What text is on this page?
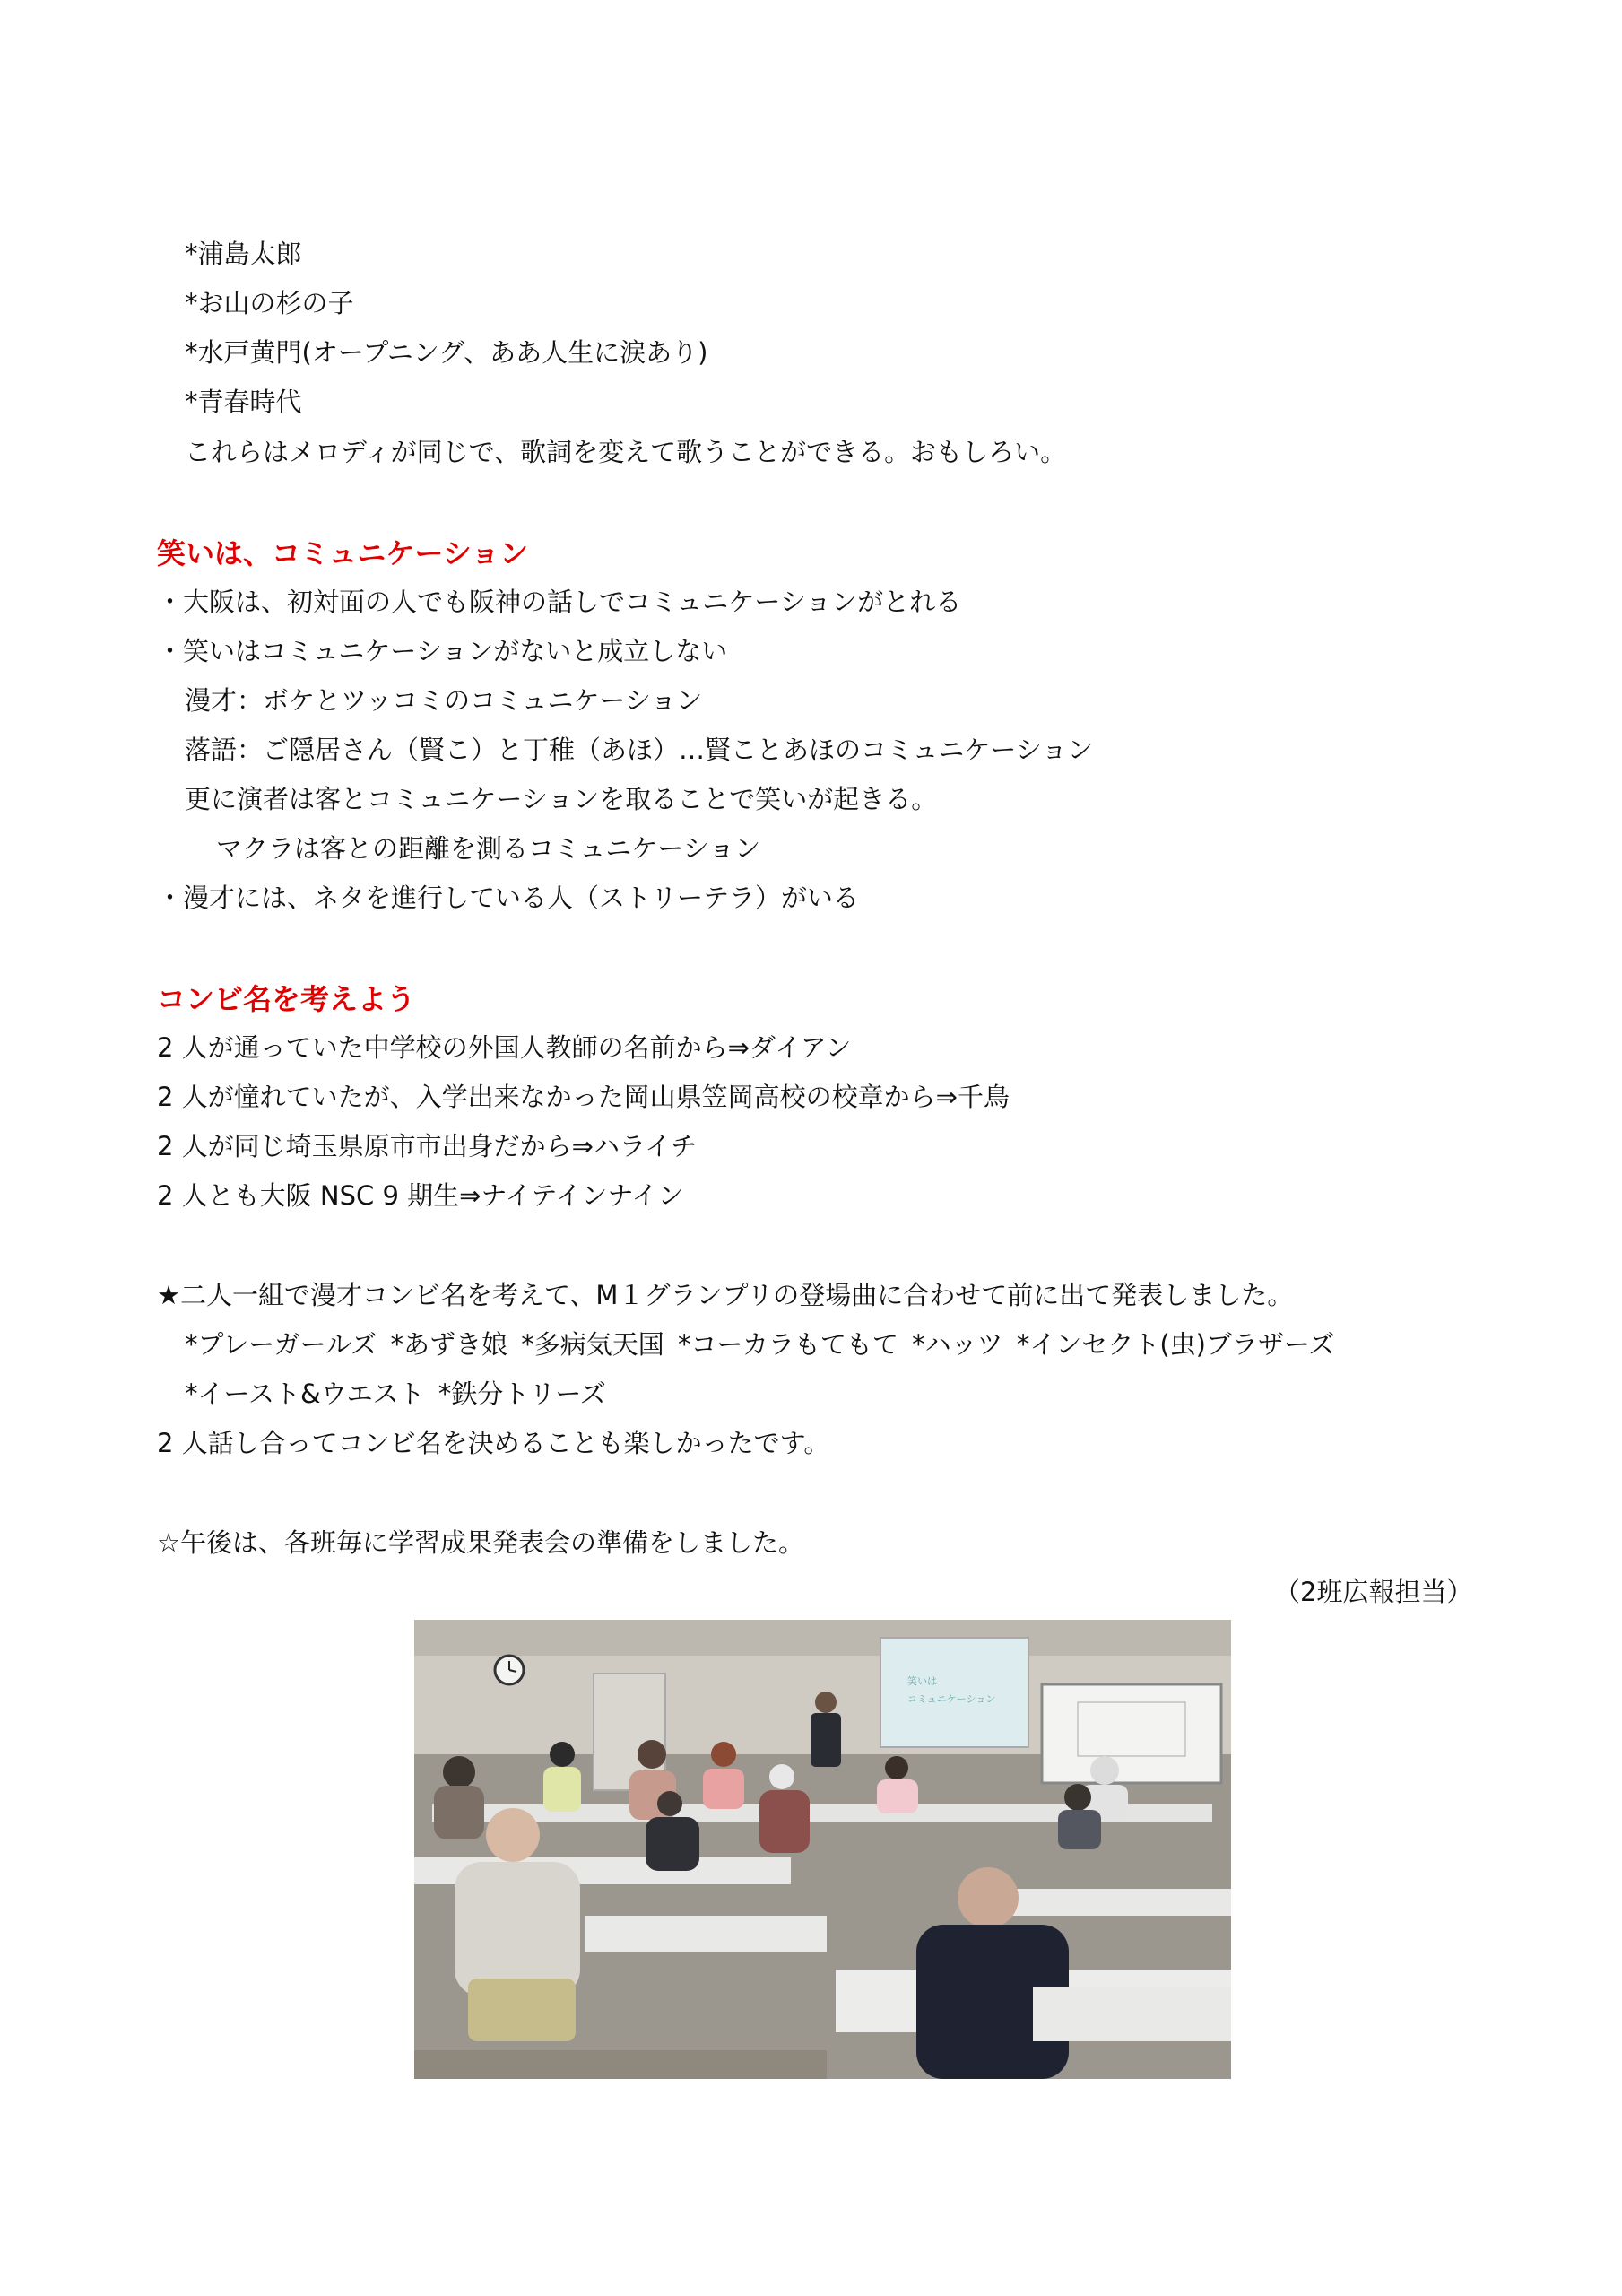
*浦島太郎
*お山の杉の子
*水戸黄門(オープニング、ああ人生に涙あり)
*青春時代
これらはメロディが同じで、歌詞を変えて歌うことができる。おもしろい。
笑いは、コミュニケーション
・大阪は、初対面の人でも阪神の話しでコミュニケーションがとれる
・笑いはコミュニケーションがないと成立しない
漫才：ボケとツッコミのコミュニケーション
落語：ご隠居さん（賢こ）と丁稚（あほ）…賢ことあほのコミュニケーション
更に演者は客とコミュニケーションを取ることで笑いが起きる。
マクラは客との距離を測るコミュニケーション
・漫才には、ネタを進行している人（ストリーテラ）がいる
コンビ名を考えよう
2 人が通っていた中学校の外国人教師の名前から⇒ダイアン
2 人が憧れていたが、入学出来なかった岡山県笠岡高校の校章から⇒千鳥
2 人が同じ埼玉県原市市出身だから⇒ハライチ
2 人とも大阪 NSC 9 期生⇒ナイテインナイン
★二人一組で漫才コンビ名を考えて、M１グランプリの登場曲に合わせて前に出て発表しました。
*プレーガールズ *あずき娘 *多病気天国 *コーカラもてもて *ハッツ *インセクト(虫)ブラザーズ
*イースト&ウエスト *鉄分トリーズ
2 人話し合ってコンビ名を決めることも楽しかったです。
☆午後は、各班毎に学習成果発表会の準備をしました。
（2班広報担当）
笑いは
コミュニケーション
